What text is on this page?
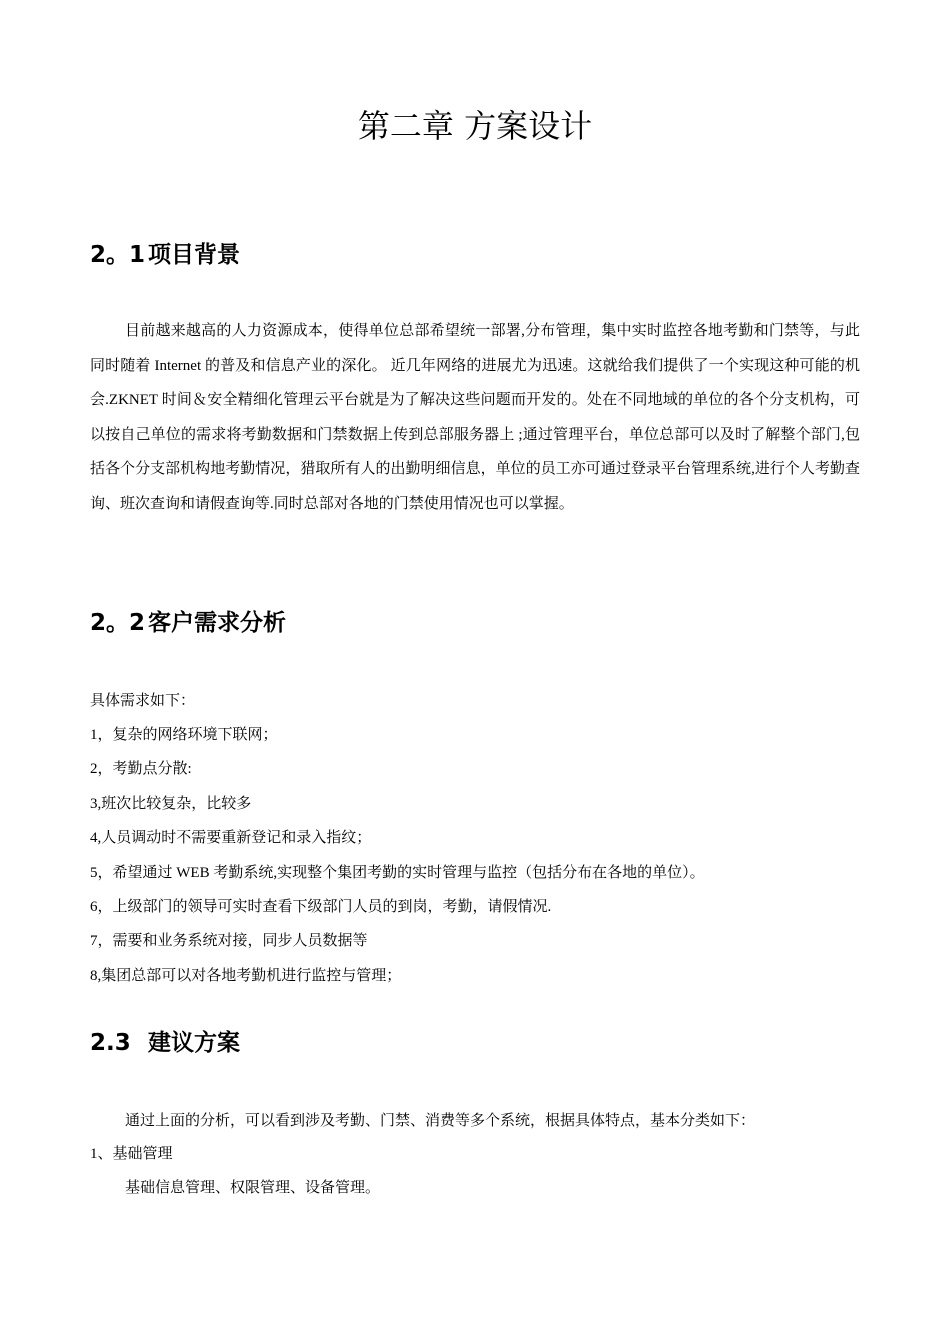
第二章 方案设计
2。1 项目背景

目前越来越高的人力资源成本，使得单位总部希望统一部署,分布管理，集中实时监控各地考勤和门禁等，与此同时随着 Internet 的普及和信息产业的深化。 近几年网络的进展尤为迅速。这就给我们提供了一个实现这种可能的机会.ZKNET 时间＆安全精细化管理云平台就是为了解决这些问题而开发的。处在不同地域的单位的各个分支机构，可以按自己单位的需求将考勤数据和门禁数据上传到总部服务器上 ;通过管理平台，单位总部可以及时了解整个部门,包括各个分支部机构地考勤情况，猎取所有人的出勤明细信息，单位的员工亦可通过登录平台管理系统,进行个人考勤查询、班次查询和请假查询等.同时总部对各地的门禁使用情况也可以掌握。

2。2 客户需求分析

具体需求如下：

1，复杂的网络环境下联网；
2，考勤点分散:
3,班次比较复杂，比较多
4,人员调动时不需要重新登记和录入指纹；
5，希望通过 WEB 考勤系统,实现整个集团考勤的实时管理与监控（包括分布在各地的单位）。
6，上级部门的领导可实时查看下级部门人员的到岗，考勤，请假情况.
7，需要和业务系统对接，同步人员数据等
8,集团总部可以对各地考勤机进行监控与管理；
2.3 建议方案

通过上面的分析，可以看到涉及考勤、门禁、消费等多个系统，根据具体特点，基本分类如下：

1、基础管理

基础信息管理、权限管理、设备管理。
